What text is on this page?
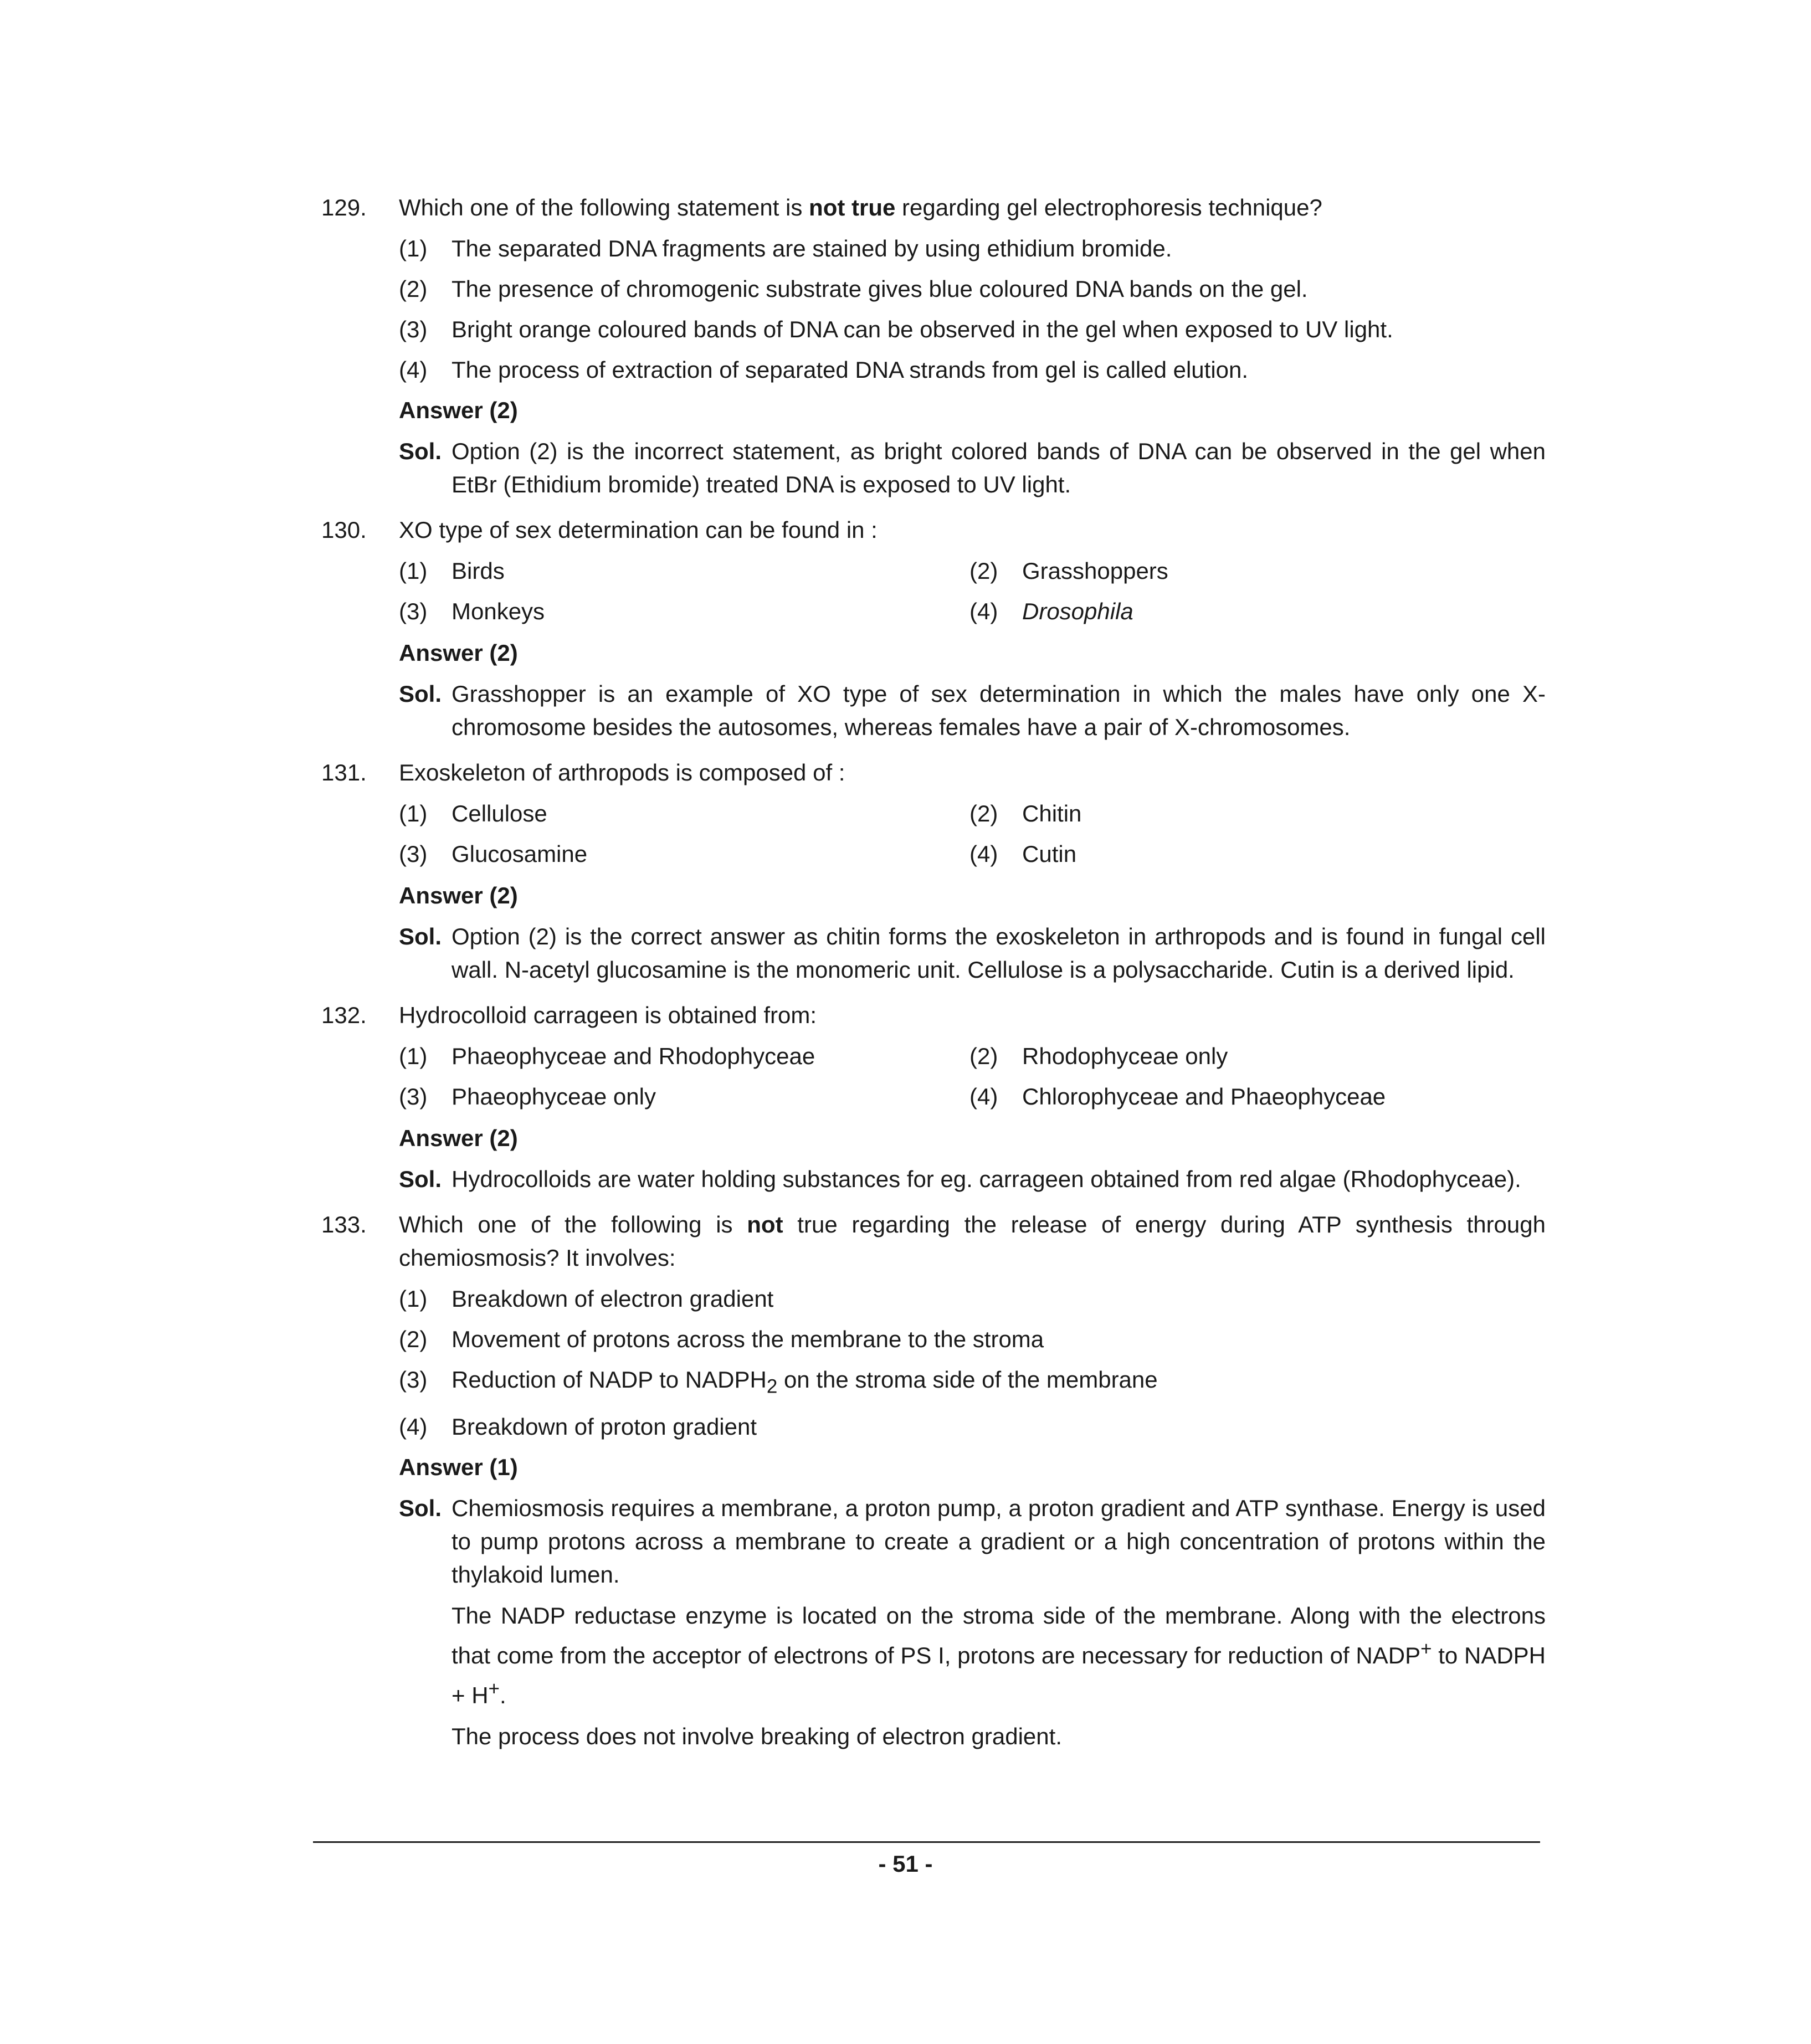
129. Which one of the following statement is not true regarding gel electrophoresis technique?
(1) The separated DNA fragments are stained by using ethidium bromide.
(2) The presence of chromogenic substrate gives blue coloured DNA bands on the gel.
(3) Bright orange coloured bands of DNA can be observed in the gel when exposed to UV light.
(4) The process of extraction of separated DNA strands from gel is called elution.
Answer (2)
Sol. Option (2) is the incorrect statement, as bright colored bands of DNA can be observed in the gel when EtBr (Ethidium bromide) treated DNA is exposed to UV light.
130. XO type of sex determination can be found in :
(1) Birds	(2) Grasshoppers
(3) Monkeys	(4) Drosophila
Answer (2)
Sol. Grasshopper is an example of XO type of sex determination in which the males have only one X-chromosome besides the autosomes, whereas females have a pair of X-chromosomes.
131. Exoskeleton of arthropods is composed of :
(1) Cellulose	(2) Chitin
(3) Glucosamine	(4) Cutin
Answer (2)
Sol. Option (2) is the correct answer as chitin forms the exoskeleton in arthropods and is found in fungal cell wall. N-acetyl glucosamine is the monomeric unit. Cellulose is a polysaccharide. Cutin is a derived lipid.
132. Hydrocolloid carrageen is obtained from:
(1) Phaeophyceae and Rhodophyceae	(2) Rhodophyceae only
(3) Phaeophyceae only	(4) Chlorophyceae and Phaeophyceae
Answer (2)
Sol. Hydrocolloids are water holding substances for eg. carrageen obtained from red algae (Rhodophyceae).
133. Which one of the following is not true regarding the release of energy during ATP synthesis through chemiosmosis? It involves:
(1) Breakdown of electron gradient
(2) Movement of protons across the membrane to the stroma
(3) Reduction of NADP to $NADPH_2$ on the stroma side of the membrane
(4) Breakdown of proton gradient
Answer (1)
Sol. Chemiosmosis requires a membrane, a proton pump, a proton gradient and ATP synthase. Energy is used to pump protons across a membrane to create a gradient or a high concentration of protons within the thylakoid lumen.
The NADP reductase enzyme is located on the stroma side of the membrane. Along with the electrons that come from the acceptor of electrons of PS I, protons are necessary for reduction of NADP+ to NADPH + H+.
The process does not involve breaking of electron gradient.
- 51 -
